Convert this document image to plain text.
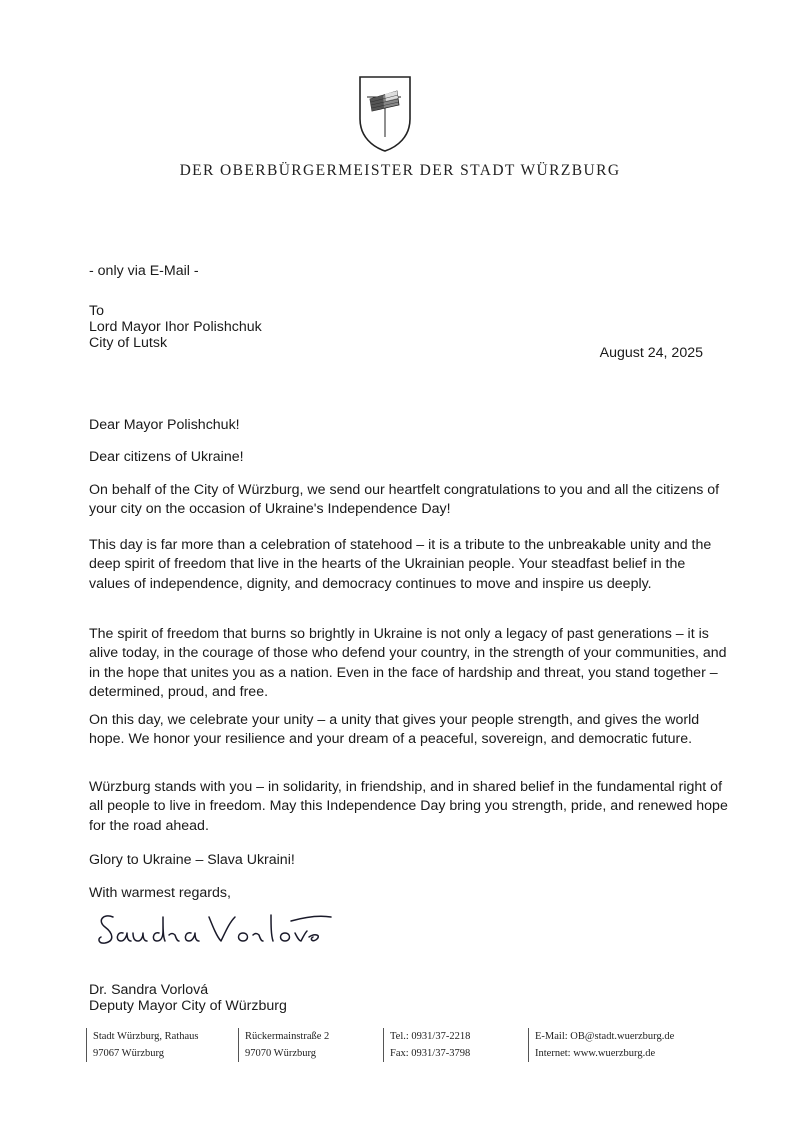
DER OBERBÜRGERMEISTER DER STADT WÜRZBURG
- only via E-Mail -
To
Lord Mayor Ihor Polishchuk
City of Lutsk
August 24, 2025
Dear Mayor Polishchuk!
Dear citizens of Ukraine!

On behalf of the City of Würzburg, we send our heartfelt congratulations to you and all the citizens of your city on the occasion of Ukraine's Independence Day!

This day is far more than a celebration of statehood – it is a tribute to the unbreakable unity and the deep spirit of freedom that live in the hearts of the Ukrainian people. Your steadfast belief in the values of independence, dignity, and democracy continues to move and inspire us deeply.

The spirit of freedom that burns so brightly in Ukraine is not only a legacy of past generations – it is alive today, in the courage of those who defend your country, in the strength of your communities, and in the hope that unites you as a nation. Even in the face of hardship and threat, you stand together – determined, proud, and free.

On this day, we celebrate your unity – a unity that gives your people strength, and gives the world hope. We honor your resilience and your dream of a peaceful, sovereign, and democratic future.

Würzburg stands with you – in solidarity, in friendship, and in shared belief in the fundamental right of all people to live in freedom. May this Independence Day bring you strength, pride, and renewed hope for the road ahead.

Glory to Ukraine – Slava Ukraini!
With warmest regards,
Dr. Sandra Vorlová
Deputy Mayor City of Würzburg
Stadt Würzburg, Rathaus
97067 Würzburg
Rückermainstraße 2
97070 Würzburg
Tel.: 0931/37-2218
Fax: 0931/37-3798
E-Mail: OB@stadt.wuerzburg.de
Internet: www.wuerzburg.de
